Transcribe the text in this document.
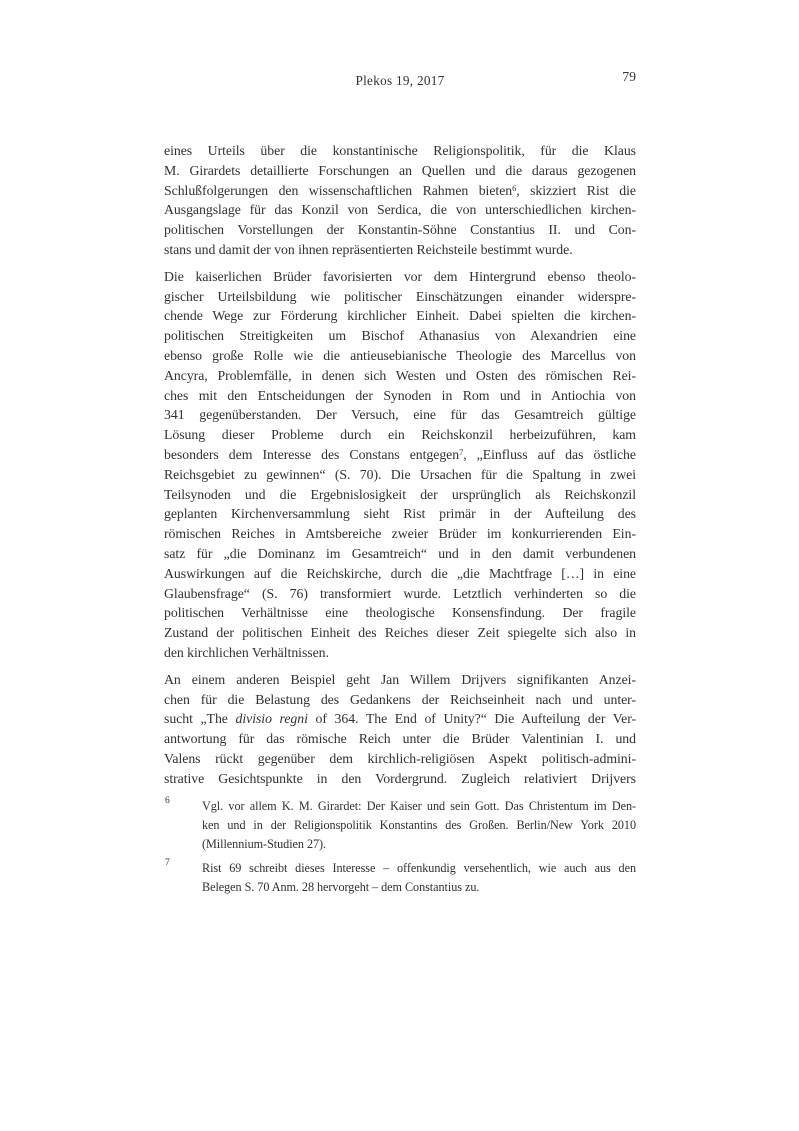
Plekos 19, 2017	79
eines Urteils über die konstantinische Religionspolitik, für die Klaus
M. Girardets detaillierte Forschungen an Quellen und die daraus gezogenen
Schlußfolgerungen den wissenschaftlichen Rahmen bieten$^6$, skizziert Rist die
Ausgangslage für das Konzil von Serdica, die von unterschiedlichen kirchen-
politischen Vorstellungen der Konstantin-Söhne Constantius II. und Con-
stans und damit der von ihnen repräsentierten Reichsteile bestimmt wurde.
Die kaiserlichen Brüder favorisierten vor dem Hintergrund ebenso theolo-
gischer Urteilsbildung wie politischer Einschätzungen einander widerspre-
chende Wege zur Förderung kirchlicher Einheit. Dabei spielten die kirchen-
politischen Streitigkeiten um Bischof Athanasius von Alexandrien eine
ebenso große Rolle wie die antieusebianische Theologie des Marcellus von
Ancyra, Problemfälle, in denen sich Westen und Osten des römischen Rei-
ches mit den Entscheidungen der Synoden in Rom und in Antiochia von
341 gegenüberstanden. Der Versuch, eine für das Gesamtreich gültige
Lösung dieser Probleme durch ein Reichskonzil herbeizuführen, kam
besonders dem Interesse des Constans entgegen$^7$, „Einfluss auf das östliche
Reichsgebiet zu gewinnen“ (S. 70). Die Ursachen für die Spaltung in zwei
Teilsynoden und die Ergebnislosigkeit der ursprünglich als Reichskonzil
geplanten Kirchenversammlung sieht Rist primär in der Aufteilung des
römischen Reiches in Amtsbereiche zweier Brüder im konkurrierenden Ein-
satz für „die Dominanz im Gesamtreich“ und in den damit verbundenen
Auswirkungen auf die Reichskirche, durch die „die Machtfrage […] in eine
Glaubensfrage“ (S. 76) transformiert wurde. Letztlich verhinderten so die
politischen Verhältnisse eine theologische Konsensfindung. Der fragile
Zustand der politischen Einheit des Reiches dieser Zeit spiegelte sich also in
den kirchlichen Verhältnissen.
An einem anderen Beispiel geht Jan Willem Drijvers signifikanten Anzei-
chen für die Belastung des Gedankens der Reichseinheit nach und unter-
sucht „The divisio regni of 364. The End of Unity?“ Die Aufteilung der Ver-
antwortung für das römische Reich unter die Brüder Valentinian I. und
Valens rückt gegenüber dem kirchlich-religiösen Aspekt politisch-admini-
strative Gesichtspunkte in den Vordergrund. Zugleich relativiert Drijvers
6	Vgl. vor allem K. M. Girardet: Der Kaiser und sein Gott. Das Christentum im Den-
ken und in der Religionspolitik Konstantins des Großen. Berlin/New York 2010
(Millennium-Studien 27).
7	Rist 69 schreibt dieses Interesse – offenkundig versehentlich, wie auch aus den
Belegen S. 70 Anm. 28 hervorgeht – dem Constantius zu.
